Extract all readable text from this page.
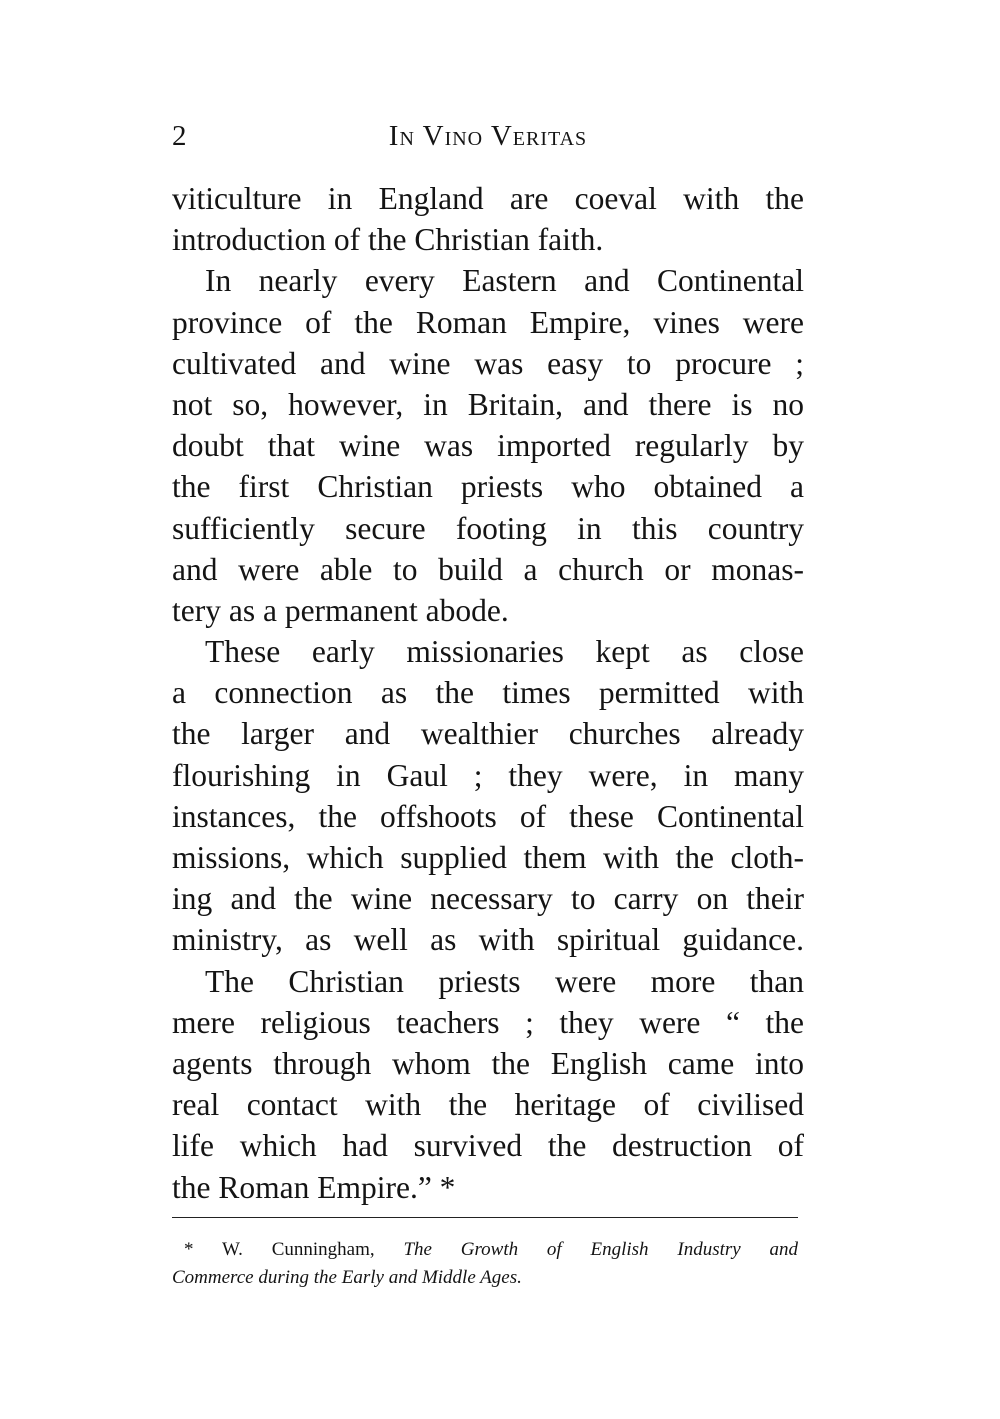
2	In Vino Veritas
viticulture in England are coeval with the
introduction of the Christian faith.
In nearly every Eastern and Continental
province of the Roman Empire, vines were
cultivated and wine was easy to procure ;
not so, however, in Britain, and there is no
doubt that wine was imported regularly by
the first Christian priests who obtained a
sufficiently secure footing in this country
and were able to build a church or monas-
tery as a permanent abode.
These early missionaries kept as close
a connection as the times permitted with
the larger and wealthier churches already
flourishing in Gaul ; they were, in many
instances, the offshoots of these Continental
missions, which supplied them with the cloth-
ing and the wine necessary to carry on their
ministry, as well as with spiritual guidance.
The Christian priests were more than
mere religious teachers ; they were “ the
agents through whom the English came into
real contact with the heritage of civilised
life which had survived the destruction of
the Roman Empire.” *
* W. Cunningham, The Growth of English Industry and
Commerce during the Early and Middle Ages.
